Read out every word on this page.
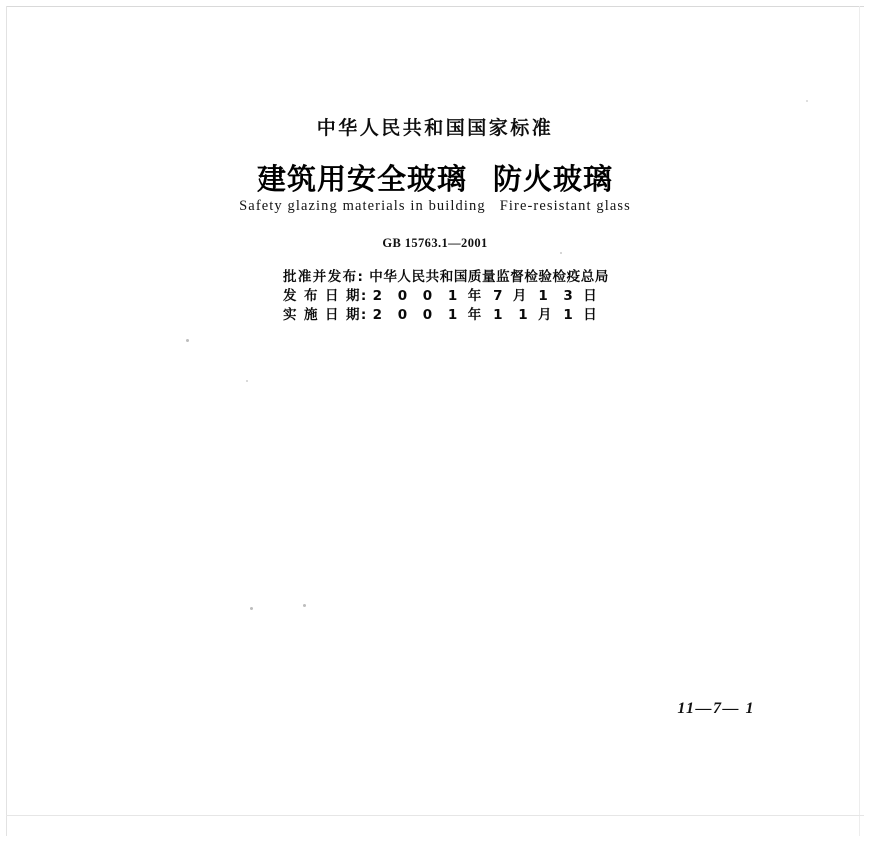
中华人民共和国国家标准
建筑用安全玻璃 防火玻璃
Safety glazing materials in building Fire-resistant glass
GB 15763.1—2001
批准并发布: 中华人民共和国质量监督检验检疫总局
发 布 日 期: 2 0 0 1 年 7 月 1 3 日
实 施 日 期: 2 0 0 1 年 1 1 月 1 日
11—7— 1
